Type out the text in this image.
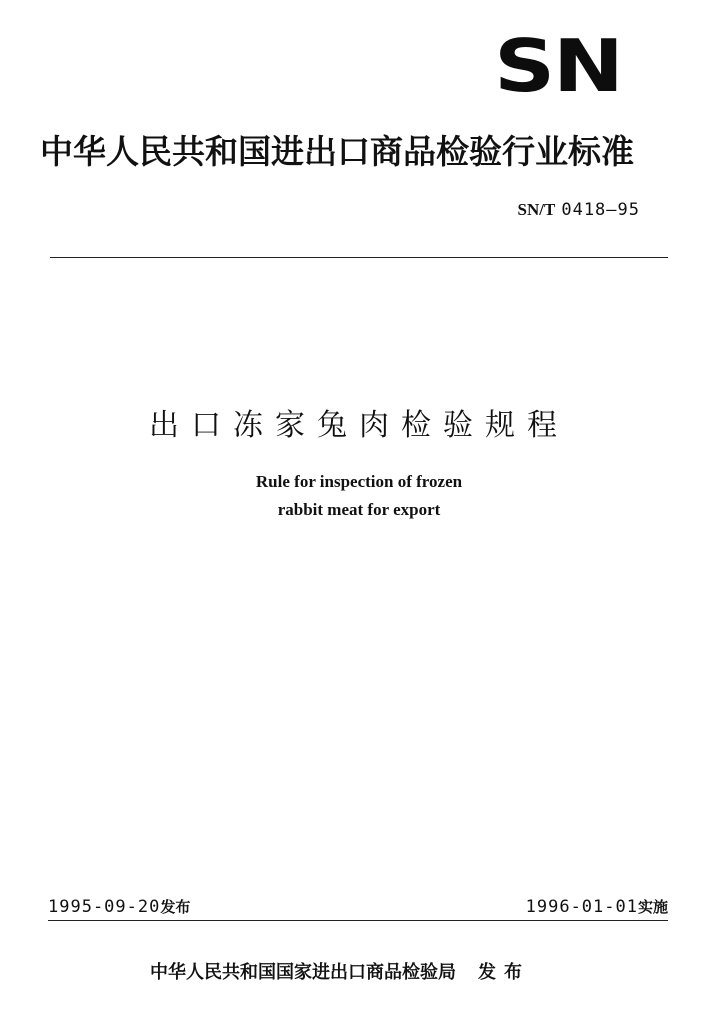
SN
中华人民共和国进出口商品检验行业标准
SN/T 0418—95
出口冻家兔肉检验规程
Rule for inspection of frozen
rabbit meat for export
1995-09-20发布	1996-01-01实施
中华人民共和国国家进出口商品检验局 发布
